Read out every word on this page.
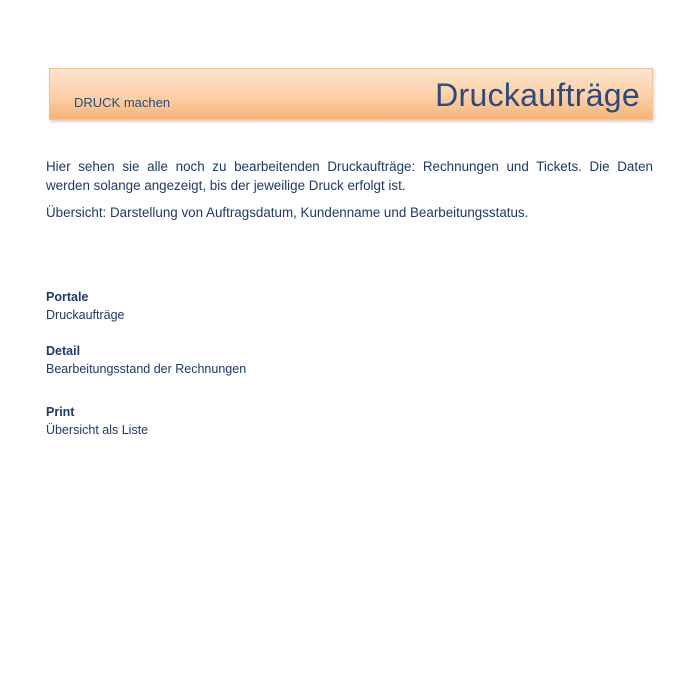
DRUCK machen	Druckaufträge

Hier sehen sie alle noch zu bearbeitenden Druckaufträge: Rechnungen und Tickets. Die Daten werden solange angezeigt, bis der jeweilige Druck erfolgt ist.

Übersicht: Darstellung von Auftragsdatum, Kundenname und Bearbeitungsstatus.

Portale
Druckaufträge
Detail
Bearbeitungsstand der Rechnungen
Print
Übersicht als Liste
